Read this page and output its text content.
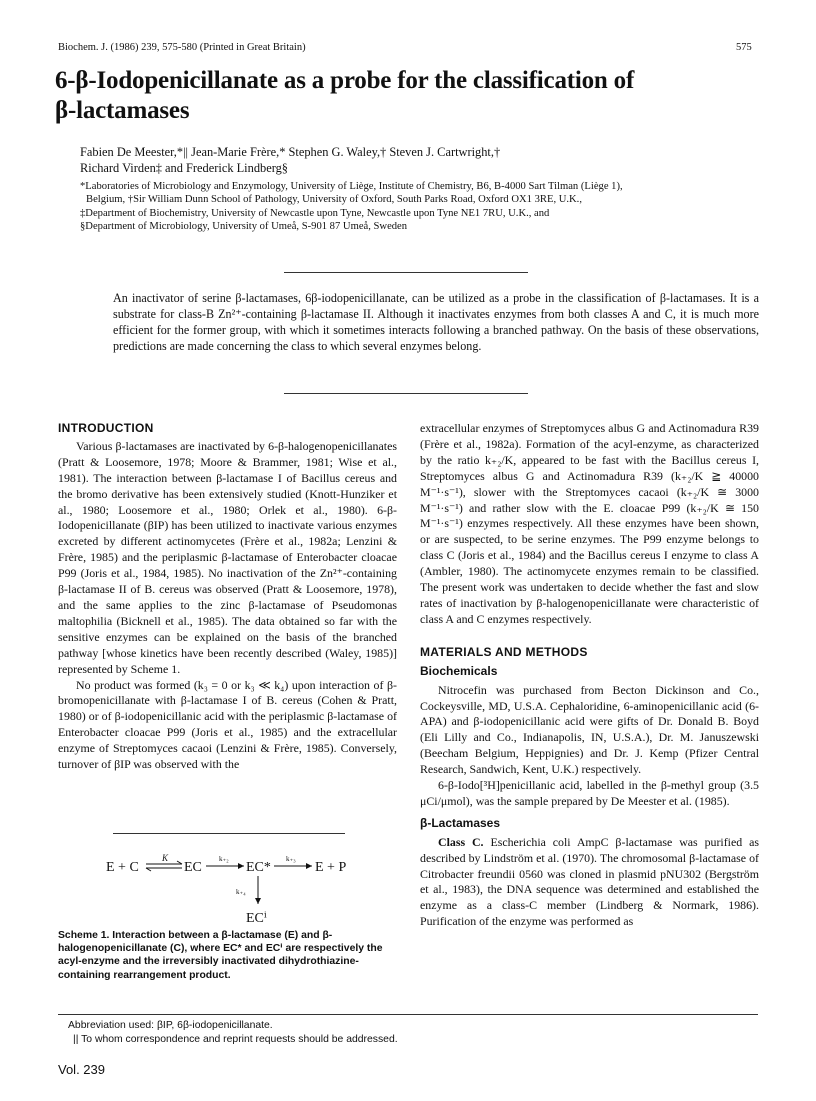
Biochem. J. (1986) 239, 575-580 (Printed in Great Britain)	575
6-β-Iodopenicillanate as a probe for the classification of
β-lactamases
Fabien De Meester,*|| Jean-Marie Frère,* Stephen G. Waley,† Steven J. Cartwright,†
Richard Virden‡ and Frederick Lindberg§
*Laboratories of Microbiology and Enzymology, University of Liège, Institute of Chemistry, B6, B-4000 Sart Tilman (Liège 1),
Belgium, †Sir William Dunn School of Pathology, University of Oxford, South Parks Road, Oxford OX1 3RE, U.K.,
‡Department of Biochemistry, University of Newcastle upon Tyne, Newcastle upon Tyne NE1 7RU, U.K., and
§Department of Microbiology, University of Umeå, S-901 87 Umeå, Sweden
An inactivator of serine β-lactamases, 6β-iodopenicillanate, can be utilized as a probe in the classification of β-lactamases. It is a substrate for class-B Zn²⁺-containing β-lactamase II. Although it inactivates enzymes from both classes A and C, it is much more efficient for the former group, with which it sometimes interacts following a branched pathway. On the basis of these observations, predictions are made concerning the class to which several enzymes belong.
INTRODUCTION

Various β-lactamases are inactivated by 6-β-halogenopenicillanates (Pratt & Loosemore, 1978; Moore & Brammer, 1981; Wise et al., 1981). The interaction between β-lactamase I of Bacillus cereus and the bromo derivative has been extensively studied (Knott-Hunziker et al., 1980; Loosemore et al., 1980; Orlek et al., 1980). 6-β-Iodopenicillanate (βIP) has been utilized to inactivate various enzymes excreted by different actinomycetes (Frère et al., 1982a; Lenzini & Frère, 1985) and the periplasmic β-lactamase of Enterobacter cloacae P99 (Joris et al., 1984, 1985). No inactivation of the Zn²⁺-containing β-lactamase II of B. cereus was observed (Pratt & Loosemore, 1978), and the same applies to the zinc β-lactamase of Pseudomonas maltophilia (Bicknell et al., 1985). The data obtained so far with the sensitive enzymes can be explained on the basis of the branched pathway [whose kinetics have been recently described (Waley, 1985)] represented by Scheme 1.

No product was formed (k₃ = 0 or k₃ ≪ k₄) upon interaction of β-bromopenicillanate with β-lactamase I of B. cereus (Cohen & Pratt, 1980) or of β-iodopenicillanic acid with the periplasmic β-lactamase of Enterobacter cloacae P99 (Joris et al., 1985) and the extracellular enzyme of Streptomyces cacaoi (Lenzini & Frère, 1985). Conversely, turnover of βIP was observed with the

E + C
K
EC
k₊₂
EC*
k₊₃
E + P
k₊₄
ECⁱ
Scheme 1. Interaction between a β-lactamase (E) and β-halogenopenicillanate (C), where EC* and ECⁱ are respectively the acyl-enzyme and the irreversibly inactivated dihydrothiazine-containing rearrangement product.

extracellular enzymes of Streptomyces albus G and Actinomadura R39 (Frère et al., 1982a). Formation of the acyl-enzyme, as characterized by the ratio k₊₂/K, appeared to be fast with the Bacillus cereus I, Streptomyces albus G and Actinomadura R39 (k₊₂/K ≧ 40000 M⁻¹·s⁻¹), slower with the Streptomyces cacaoi (k₊₂/K ≅ 3000 M⁻¹·s⁻¹) and rather slow with the E. cloacae P99 (k₊₂/K ≅ 150 M⁻¹·s⁻¹) enzymes respectively. All these enzymes have been shown, or are suspected, to be serine enzymes. The P99 enzyme belongs to class C (Joris et al., 1984) and the Bacillus cereus I enzyme to class A (Ambler, 1980). The actinomycete enzymes remain to be classified. The present work was undertaken to decide whether the fast and slow rates of inactivation by β-halogenopenicillanate were characteristic of class A and C enzymes respectively.

MATERIALS AND METHODS
Biochemicals

Nitrocefin was purchased from Becton Dickinson and Co., Cockeysville, MD, U.S.A. Cephaloridine, 6-aminopenicillanic acid (6-APA) and β-iodopenicillanic acid were gifts of Dr. Donald B. Boyd (Eli Lilly and Co., Indianapolis, IN, U.S.A.), Dr. M. Januszewski (Beecham Belgium, Heppignies) and Dr. J. Kemp (Pfizer Central Research, Sandwich, Kent, U.K.) respectively.

6-β-Iodo[³H]penicillanic acid, labelled in the β-methyl group (3.5 μCi/μmol), was the sample prepared by De Meester et al. (1985).

β-Lactamases

Class C. Escherichia coli AmpC β-lactamase was purified as described by Lindström et al. (1970). The chromosomal β-lactamase of Citrobacter freundii 0560 was cloned in plasmid pNU302 (Bergström et al., 1983), the DNA sequence was determined and established the enzyme as a class-C member (Lindberg & Normark, 1986). Purification of the enzyme was performed as

Abbreviation used: βIP, 6β-iodopenicillanate.
|| To whom correspondence and reprint requests should be addressed.
Vol. 239
